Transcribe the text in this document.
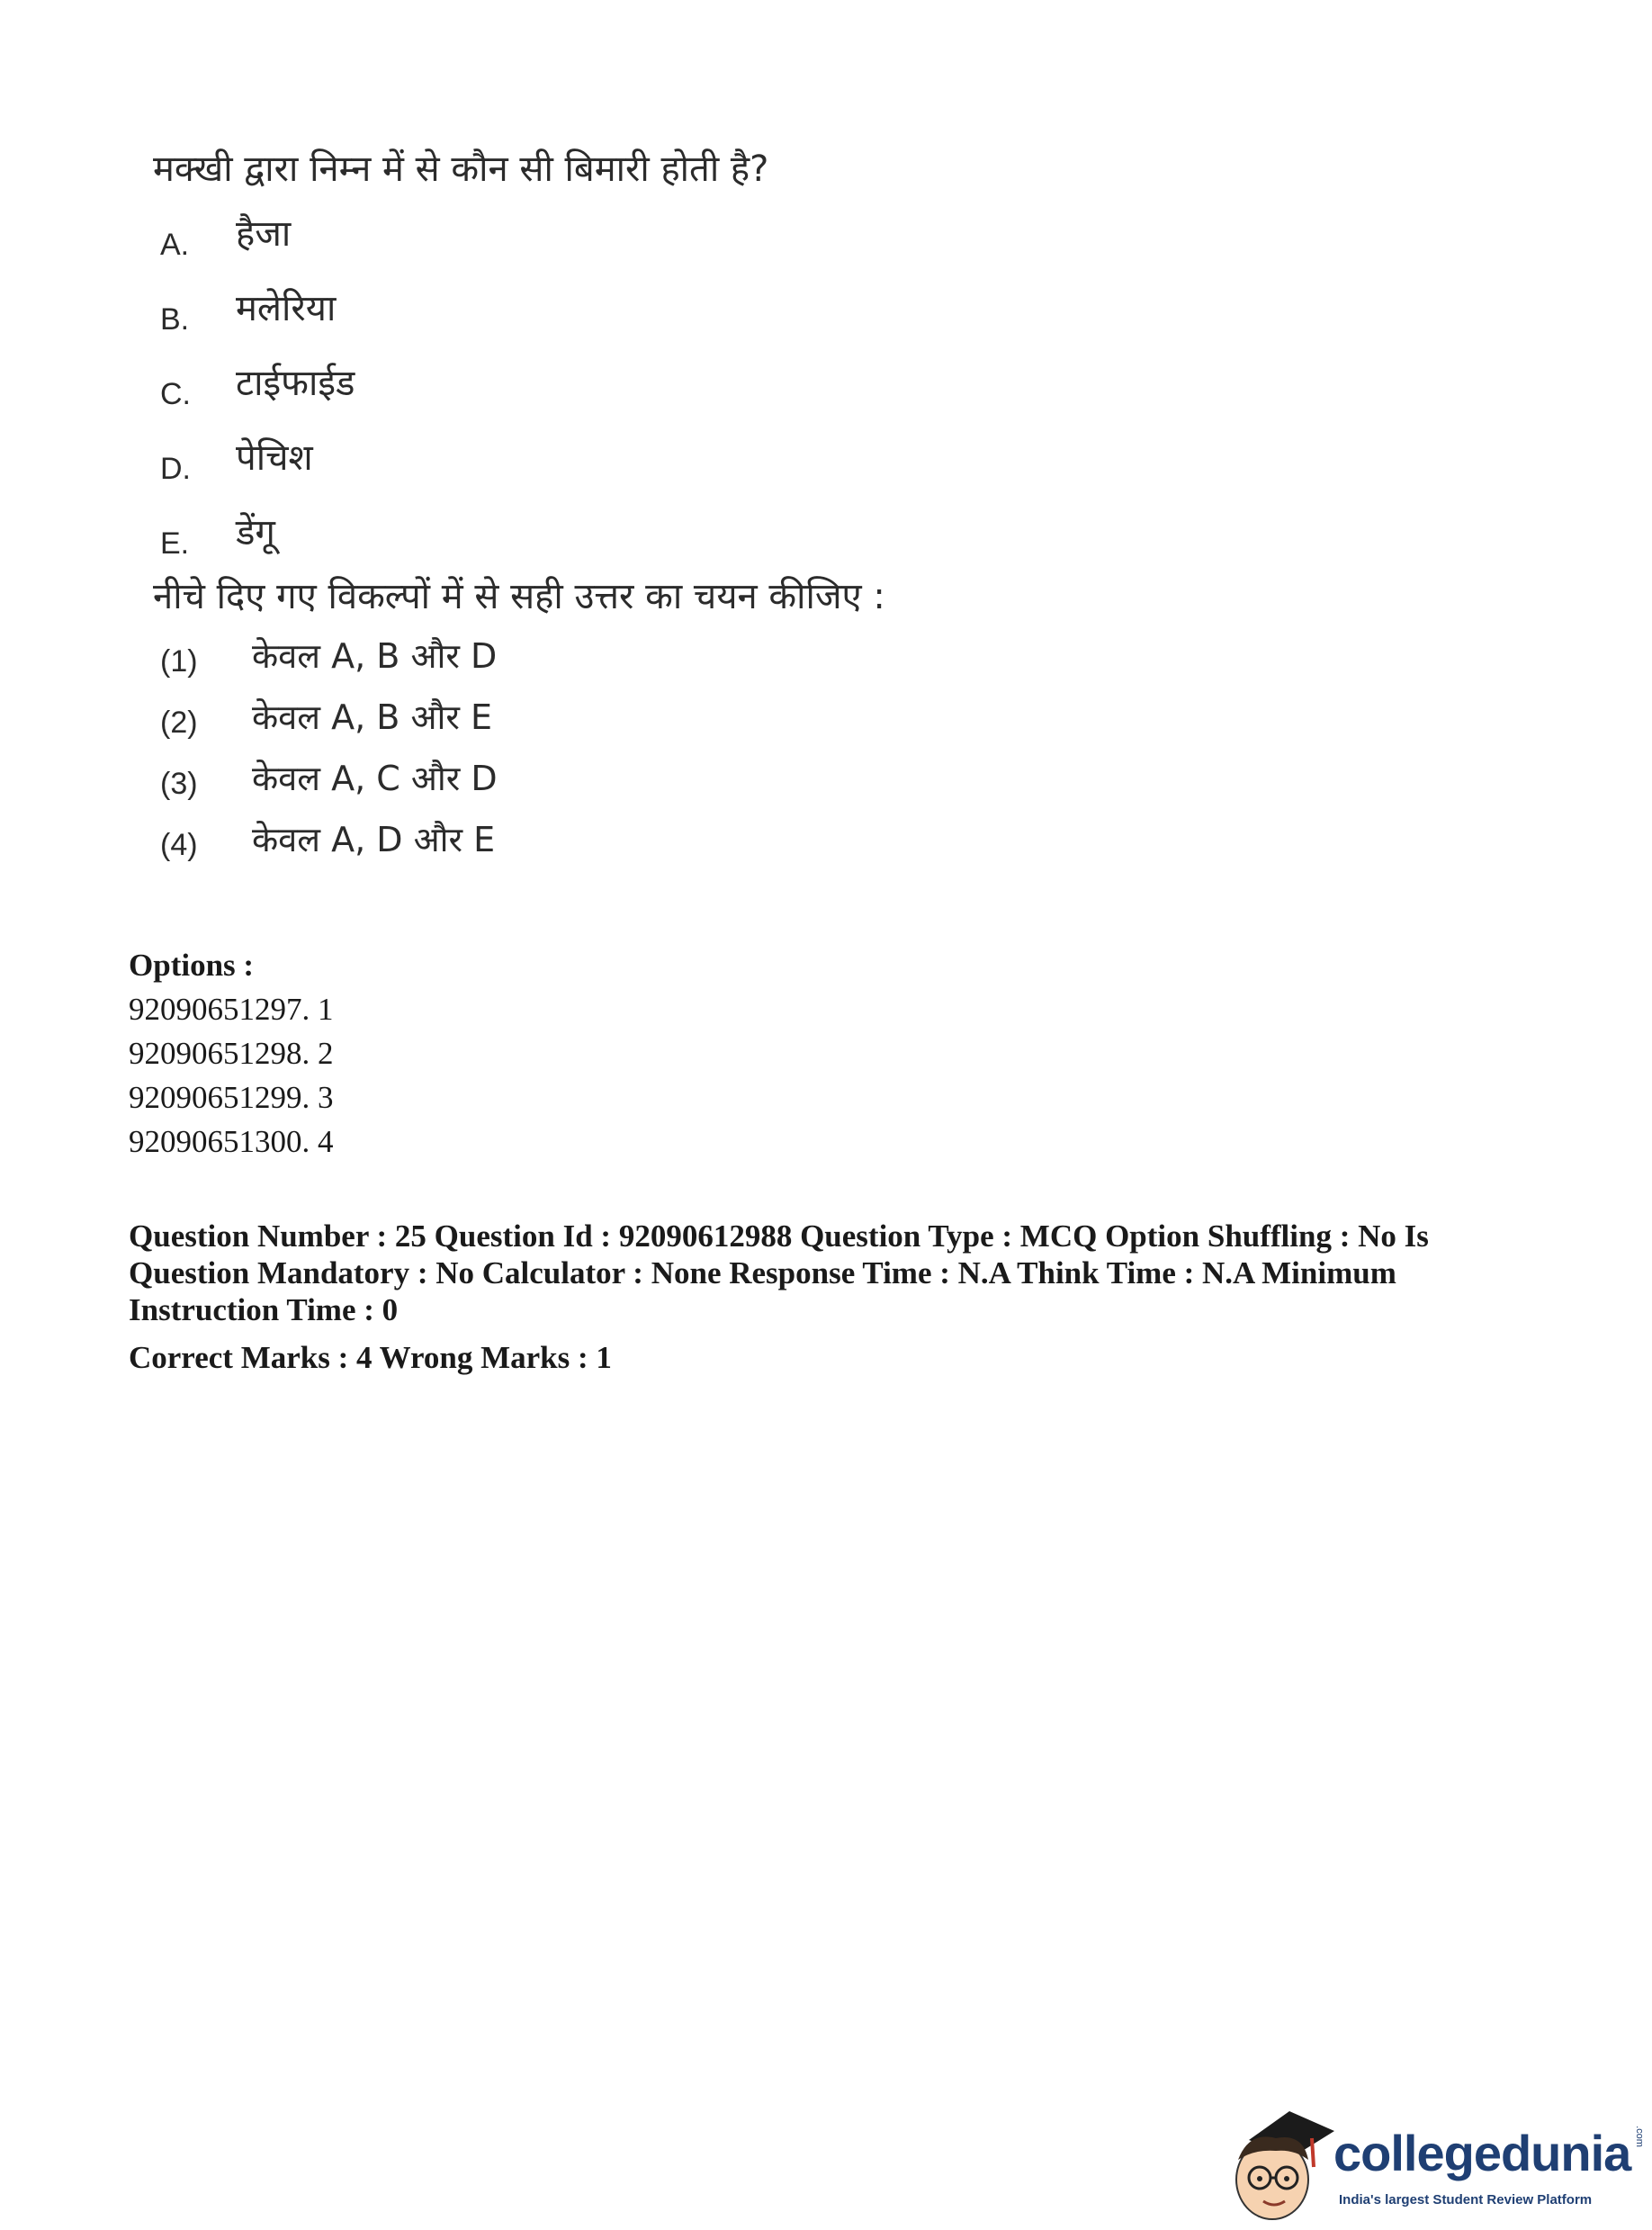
मक्खी द्वारा निम्न में से कौन सी बिमारी होती है?

A. हैजा
B. मलेरिया
C. टाईफाईड
D. पेचिश
E. डेंगू

नीचे दिए गए विकल्पों में से सही उत्तर का चयन कीजिए :

(1) केवल A, B और D
(2) केवल A, B और E
(3) केवल A, C और D
(4) केवल A, D और E
Options :
92090651297. 1
92090651298. 2
92090651299. 3
92090651300. 4
Question Number : 25 Question Id : 92090612988 Question Type : MCQ Option Shuffling : No Is Question Mandatory : No Calculator : None Response Time : N.A Think Time : N.A Minimum Instruction Time : 0
Correct Marks : 4 Wrong Marks : 1
collegedunia .com
India's largest Student Review Platform
